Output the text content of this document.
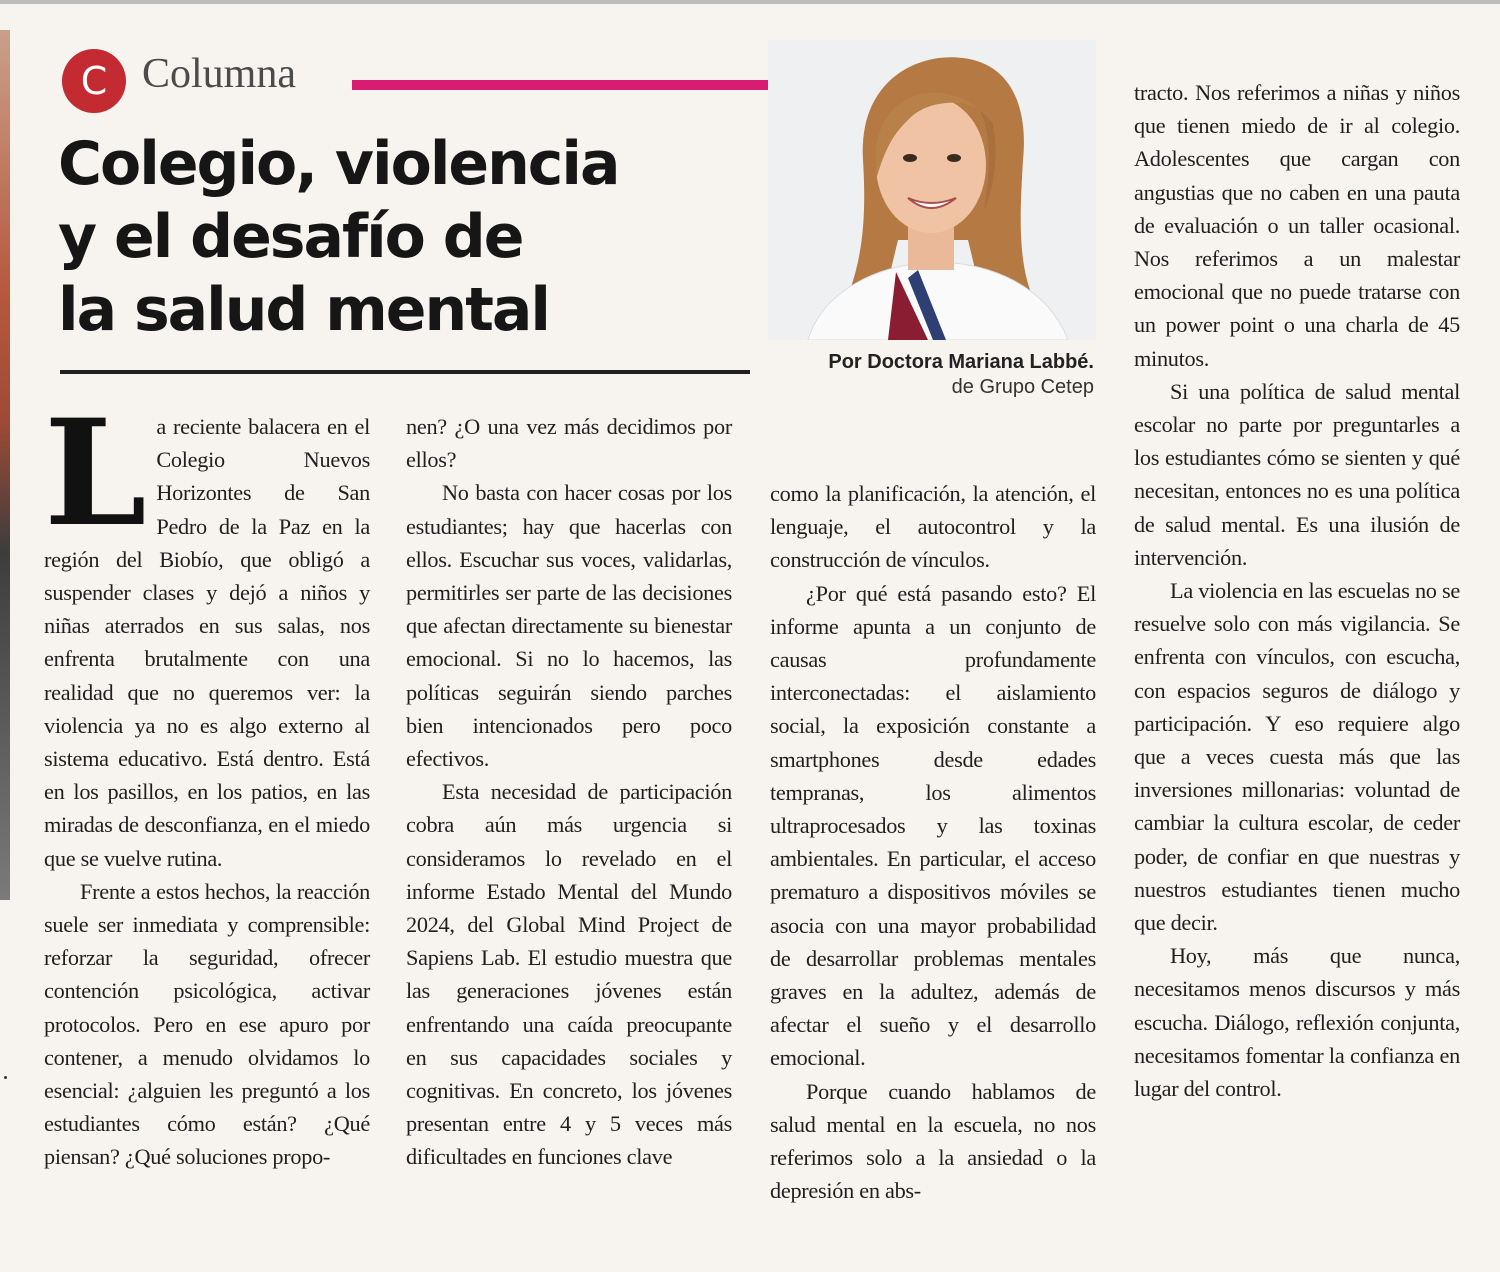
C Columna
Colegio, violencia
y el desafío de
la salud mental
Por Doctora Mariana Labbé.
de Grupo Cetep

La reciente balacera en el Colegio Nuevos Horizontes de San Pedro de la Paz en la región del Biobío, que obligó a suspender clases y dejó a niños y niñas aterrados en sus salas, nos enfrenta brutalmente con una realidad que no queremos ver: la violencia ya no es algo externo al sistema educativo. Está dentro. Está en los pasillos, en los patios, en las miradas de desconfianza, en el miedo que se vuelve rutina.

Frente a estos hechos, la reacción suele ser inmediata y comprensible: reforzar la seguridad, ofrecer contención psicológica, activar protocolos. Pero en ese apuro por contener, a menudo olvidamos lo esencial: ¿alguien les preguntó a los estudiantes cómo están? ¿Qué piensan? ¿Qué soluciones propo-

nen? ¿O una vez más decidimos por ellos?

No basta con hacer cosas por los estudiantes; hay que hacerlas con ellos. Escuchar sus voces, validarlas, permitirles ser parte de las decisiones que afectan directamente su bienestar emocional. Si no lo hacemos, las políticas seguirán siendo parches bien intencionados pero poco efectivos.

Esta necesidad de participación cobra aún más urgencia si consideramos lo revelado en el informe Estado Mental del Mundo 2024, del Global Mind Project de Sapiens Lab. El estudio muestra que las generaciones jóvenes están enfrentando una caída preocupante en sus capacidades sociales y cognitivas. En concreto, los jóvenes presentan entre 4 y 5 veces más dificultades en funciones clave

como la planificación, la atención, el lenguaje, el autocontrol y la construcción de vínculos.

¿Por qué está pasando esto? El informe apunta a un conjunto de causas profundamente interconectadas: el aislamiento social, la exposición constante a smartphones desde edades tempranas, los alimentos ultraprocesados y las toxinas ambientales. En particular, el acceso prematuro a dispositivos móviles se asocia con una mayor probabilidad de desarrollar problemas mentales graves en la adultez, además de afectar el sueño y el desarrollo emocional.

Porque cuando hablamos de salud mental en la escuela, no nos referimos solo a la ansiedad o la depresión en abs-

tracto. Nos referimos a niñas y niños que tienen miedo de ir al colegio. Adolescentes que cargan con angustias que no caben en una pauta de evaluación o un taller ocasional. Nos referimos a un malestar emocional que no puede tratarse con un power point o una charla de 45 minutos.

Si una política de salud mental escolar no parte por preguntarles a los estudiantes cómo se sienten y qué necesitan, entonces no es una política de salud mental. Es una ilusión de intervención.

La violencia en las escuelas no se resuelve solo con más vigilancia. Se enfrenta con vínculos, con escucha, con espacios seguros de diálogo y participación. Y eso requiere algo que a veces cuesta más que las inversiones millonarias: voluntad de cambiar la cultura escolar, de ceder poder, de confiar en que nuestras y nuestros estudiantes tienen mucho que decir.

Hoy, más que nunca, necesitamos menos discursos y más escucha. Diálogo, reflexión conjunta, necesitamos fomentar la confianza en lugar del control.
